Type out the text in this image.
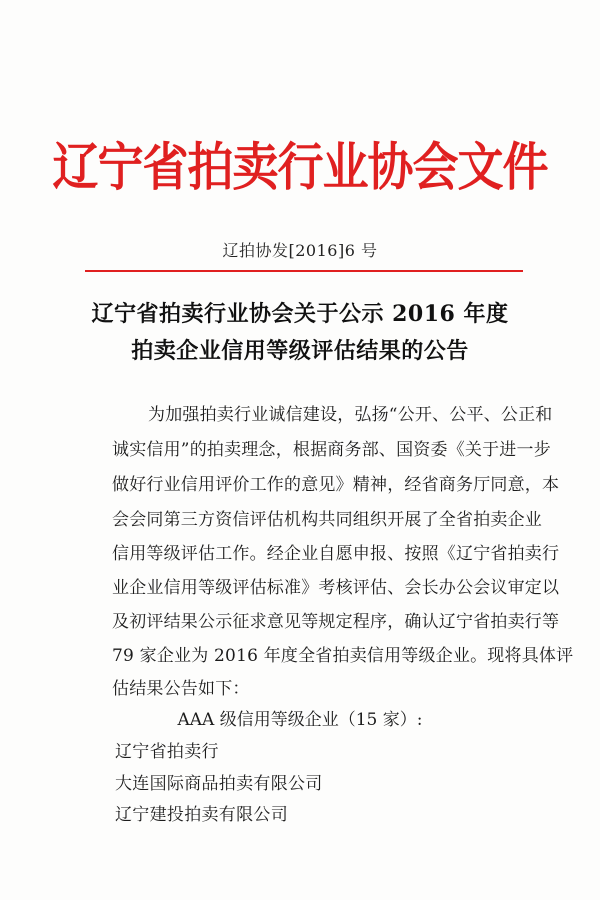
辽宁省拍卖行业协会文件
辽拍协发[2016]6 号
辽宁省拍卖行业协会关于公示 2016 年度
拍卖企业信用等级评估结果的公告
为加强拍卖行业诚信建设，弘扬“公开、公平、公正和
诚实信用”的拍卖理念，根据商务部、国资委《关于进一步
做好行业信用评价工作的意见》精神，经省商务厅同意，本
会会同第三方资信评估机构共同组织开展了全省拍卖企业
信用等级评估工作。经企业自愿申报、按照《辽宁省拍卖行
业企业信用等级评估标准》考核评估、会长办公会议审定以
及初评结果公示征求意见等规定程序，确认辽宁省拍卖行等
79 家企业为 2016 年度全省拍卖信用等级企业。现将具体评
估结果公告如下：
AAA 级信用等级企业（15 家）:
辽宁省拍卖行
大连国际商品拍卖有限公司
辽宁建投拍卖有限公司
